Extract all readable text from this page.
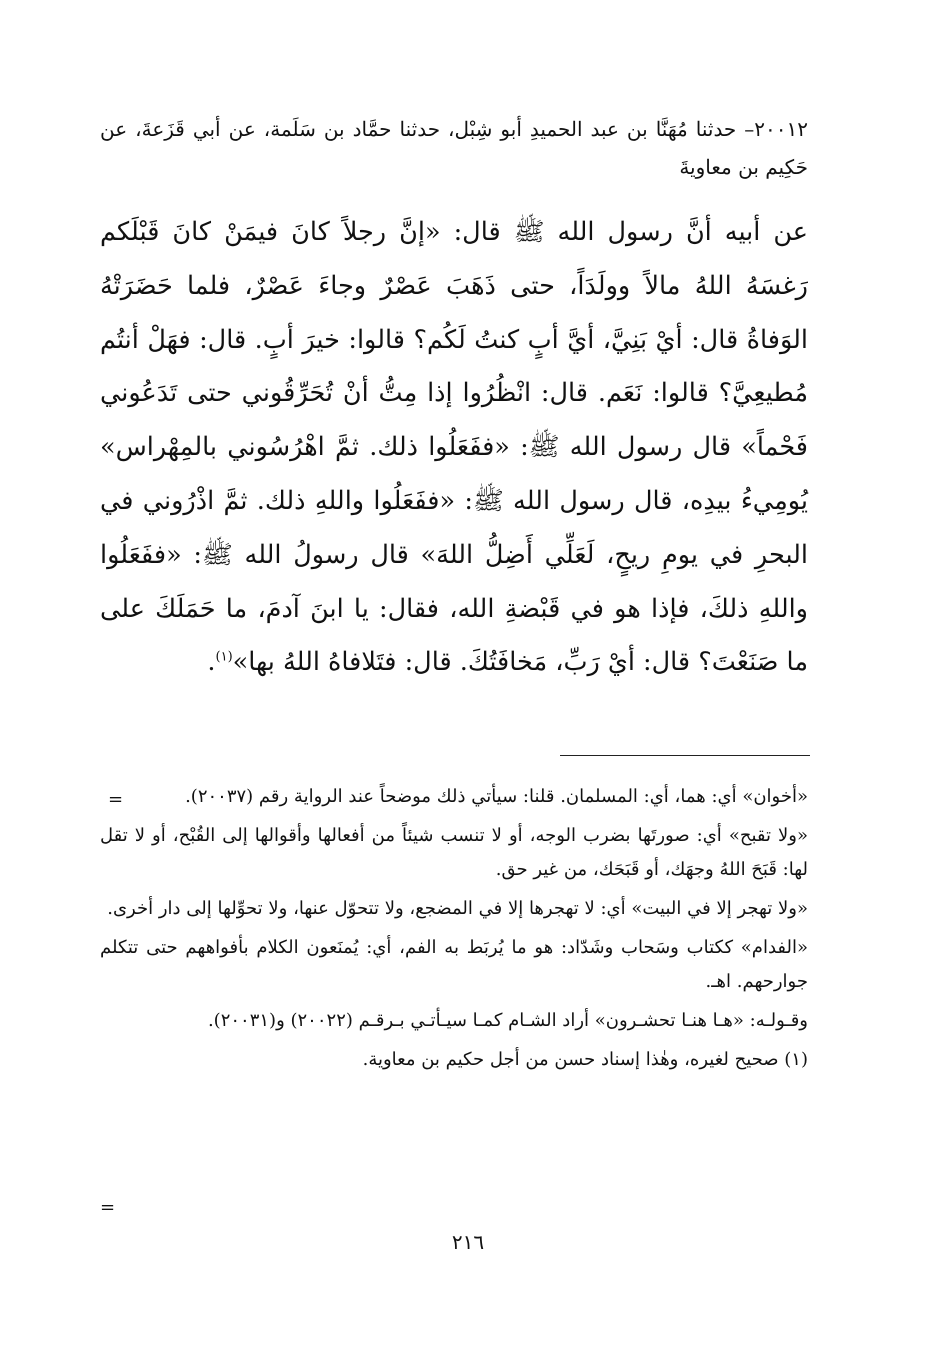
٢٠٠١٢– حدثنا مُهَنَّا بن عبد الحميدِ أبو شِبْل، حدثنا حمَّاد بن سَلَمة، عن أبي قَزَعةَ، عن حَكِيم بن معاويةَ

عن أبيه أنَّ رسول الله ﷺ قال: «إنَّ رجلاً كانَ فيمَنْ كانَ قَبْلَكم رَغسَهُ اللهُ مالاً وولَدَاً، حتى ذَهَبَ عَصْرٌ وجاءَ عَصْرٌ، فلما حَضَرَتْهُ الوَفاةُ قال: أيْ بَنِيَّ، أيَّ أبٍ كنتُ لَكُم؟ قالوا: خيرَ أبٍ. قال: فهَلْ أنتُم مُطيعِيَّ؟ قالوا: نَعَم. قال: انْظُرُوا إذا مِتُّ أنْ تُحَرِّقُوني حتى تَدَعُوني فَحْماً» قال رسول الله ﷺ: «ففَعَلُوا ذلك. ثمَّ اهْرُسُوني بالمِهْراس» يُومِيءُ بيدِه، قال رسول الله ﷺ: «ففَعَلُوا واللهِ ذلك. ثمَّ اذْرُوني في البحرِ في يومِ ريحٍ، لَعَلِّي أَضِلُّ اللهَ» قال رسولُ الله ﷺ: «ففَعَلُوا واللهِ ذلكَ، فإذا هو في قَبْضةِ الله، فقال: يا ابنَ آدمَ، ما حَمَلَكَ على ما صَنَعْتَ؟ قال: أيْ رَبِّ، مَخافَتُكَ. قال: فتَلافاهُ اللهُ بها»$^{(١)}$.

=	«أخوان» أي: هما، أي: المسلمان. قلنا: سيأتي ذلك موضحاً عند الرواية رقم (٢٠٠٣٧).

«ولا تقبح» أي: صورتَها بضرب الوجه، أو لا تنسب شيئاً من أفعالها وأقوالها إلى القُبْح، أو لا تقل لها: قَبَحَ اللهُ وجهَك، أو قَبَحَك، من غير حق.

«ولا تهجر إلا في البيت» أي: لا تهجرها إلا في المضجع، ولا تتحوّل عنها، ولا تحوِّلها إلى دار أخرى.

«الفدام» ككتاب وسَحاب وشَدّاد: هو ما يُربَط به الفم، أي: يُمنَعون الكلام بأفواههم حتى تتكلم جوارحهم. اهـ.

وقـولـه: «هـا هنـا تحشـرون» أراد الشـام كمـا سيـأتـي بـرقـم (٢٠٠٢٢) و(٢٠٠٣١).

(١) صحيح لغيره، وهٰذا إسناد حسن من أجل حكيم بن معاوية.

=
٢١٦
